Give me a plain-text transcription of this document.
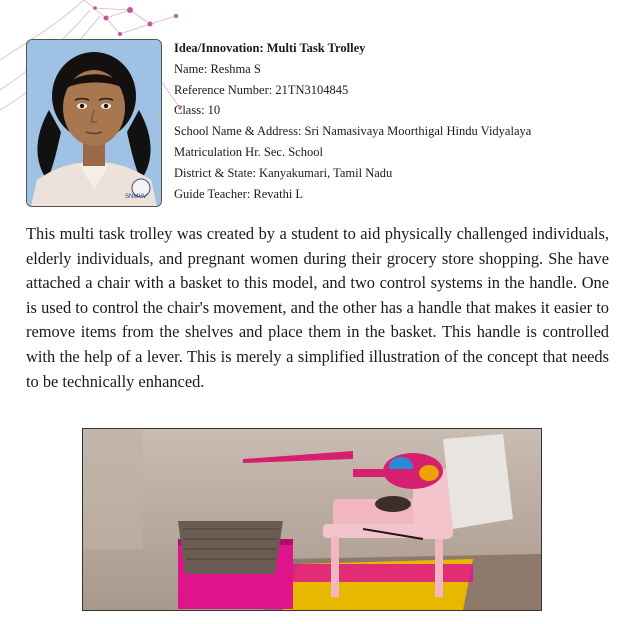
SNMHV
Idea/Innovation: Multi Task Trolley
Name: Reshma S
Reference Number: 21TN3104845
Class: 10
School Name & Address: Sri Namasivaya Moorthigal Hindu Vidyalaya
Matriculation Hr. Sec. School
District & State: Kanyakumari, Tamil Nadu
Guide Teacher: Revathi L
This multi task trolley was created by a student to aid physically challenged individuals, elderly individuals, and pregnant women during their grocery store shopping. She have attached a chair with a basket to this model, and two control systems in the handle. One is used to control the chair's movement, and the other has a handle that makes it easier to remove items from the shelves and place them in the basket. This handle is controlled with the help of a lever. This is merely a simplified illustration of the concept that needs to be technically enhanced.
